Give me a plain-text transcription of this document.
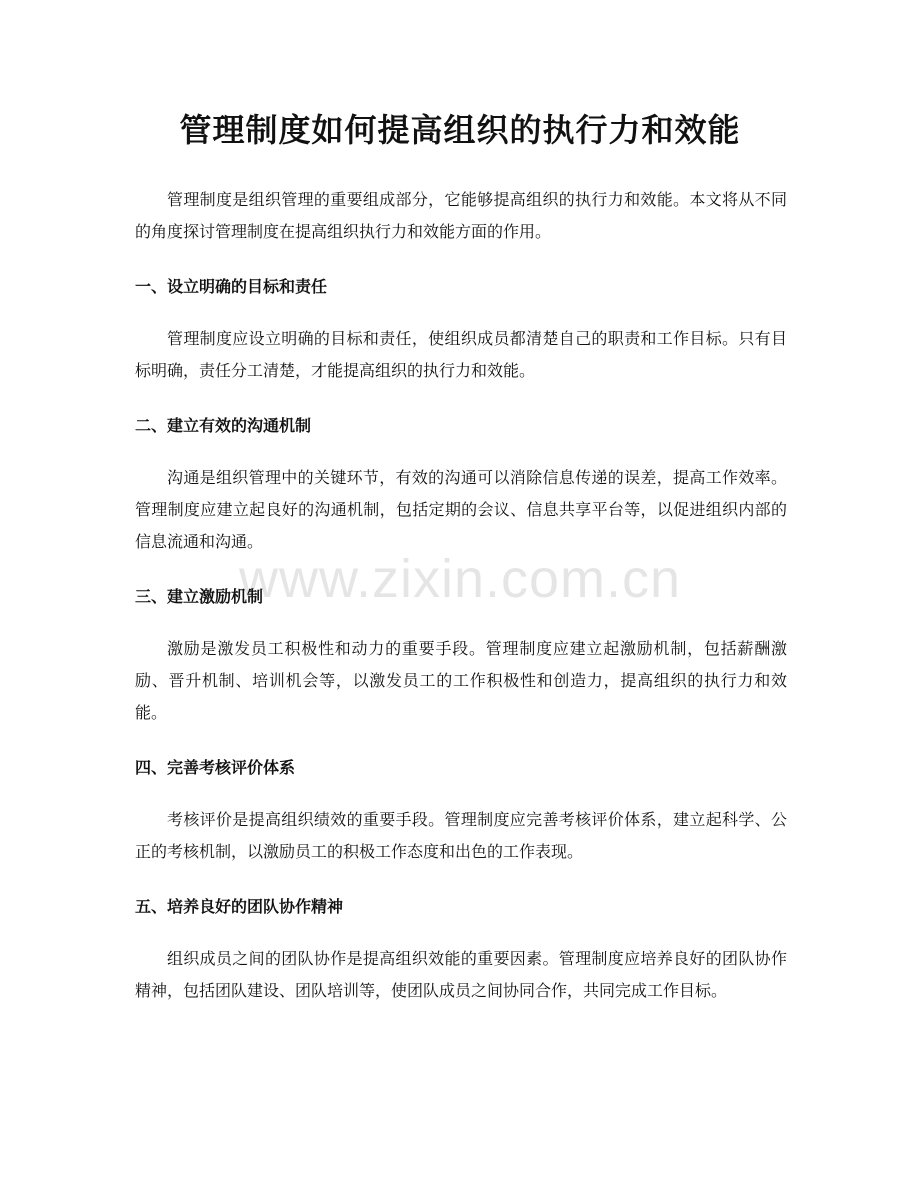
管理制度如何提高组织的执行力和效能

管理制度是组织管理的重要组成部分，它能够提高组织的执行力和效能。本文将从不同的角度探讨管理制度在提高组织执行力和效能方面的作用。

一、设立明确的目标和责任

管理制度应设立明确的目标和责任，使组织成员都清楚自己的职责和工作目标。只有目标明确，责任分工清楚，才能提高组织的执行力和效能。

二、建立有效的沟通机制

沟通是组织管理中的关键环节，有效的沟通可以消除信息传递的误差，提高工作效率。管理制度应建立起良好的沟通机制，包括定期的会议、信息共享平台等，以促进组织内部的信息流通和沟通。

三、建立激励机制

激励是激发员工积极性和动力的重要手段。管理制度应建立起激励机制，包括薪酬激励、晋升机制、培训机会等，以激发员工的工作积极性和创造力，提高组织的执行力和效能。

四、完善考核评价体系

考核评价是提高组织绩效的重要手段。管理制度应完善考核评价体系，建立起科学、公正的考核机制，以激励员工的积极工作态度和出色的工作表现。

五、培养良好的团队协作精神

组织成员之间的团队协作是提高组织效能的重要因素。管理制度应培养良好的团队协作精神，包括团队建设、团队培训等，使团队成员之间协同合作，共同完成工作目标。

www.zixin.com.cn
